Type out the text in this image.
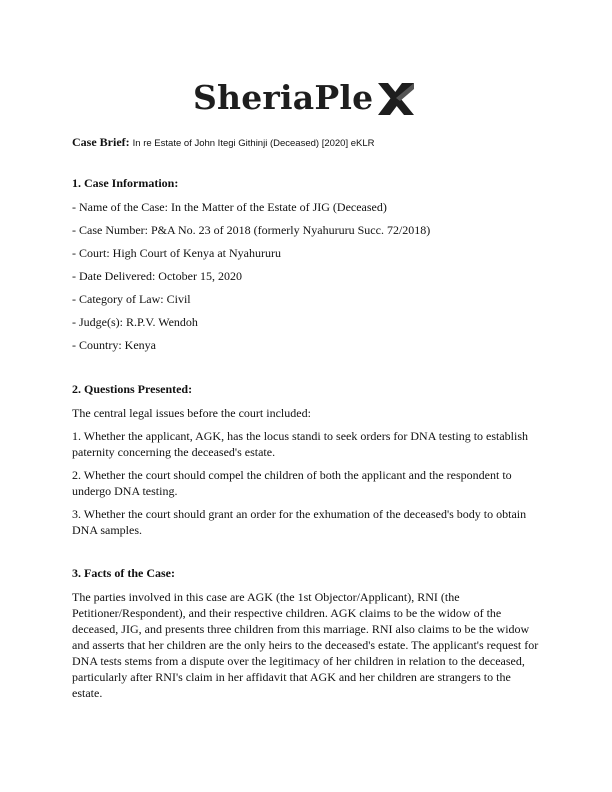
SheriaPle
Case Brief: In re Estate of John Itegi Githinji (Deceased) [2020] eKLR
1. Case Information:
- Name of the Case: In the Matter of the Estate of JIG (Deceased)
- Case Number: P&A No. 23 of 2018 (formerly Nyahururu Succ. 72/2018)
- Court: High Court of Kenya at Nyahururu
- Date Delivered: October 15, 2020
- Category of Law: Civil
- Judge(s): R.P.V. Wendoh
- Country: Kenya
2. Questions Presented:
The central legal issues before the court included:
1. Whether the applicant, AGK, has the locus standi to seek orders for DNA testing to establish paternity concerning the deceased's estate.
2. Whether the court should compel the children of both the applicant and the respondent to undergo DNA testing.
3. Whether the court should grant an order for the exhumation of the deceased's body to obtain DNA samples.
3. Facts of the Case:
The parties involved in this case are AGK (the 1st Objector/Applicant), RNI (the Petitioner/Respondent), and their respective children. AGK claims to be the widow of the deceased, JIG, and presents three children from this marriage. RNI also claims to be the widow and asserts that her children are the only heirs to the deceased's estate. The applicant's request for DNA tests stems from a dispute over the legitimacy of her children in relation to the deceased, particularly after RNI's claim in her affidavit that AGK and her children are strangers to the estate.
